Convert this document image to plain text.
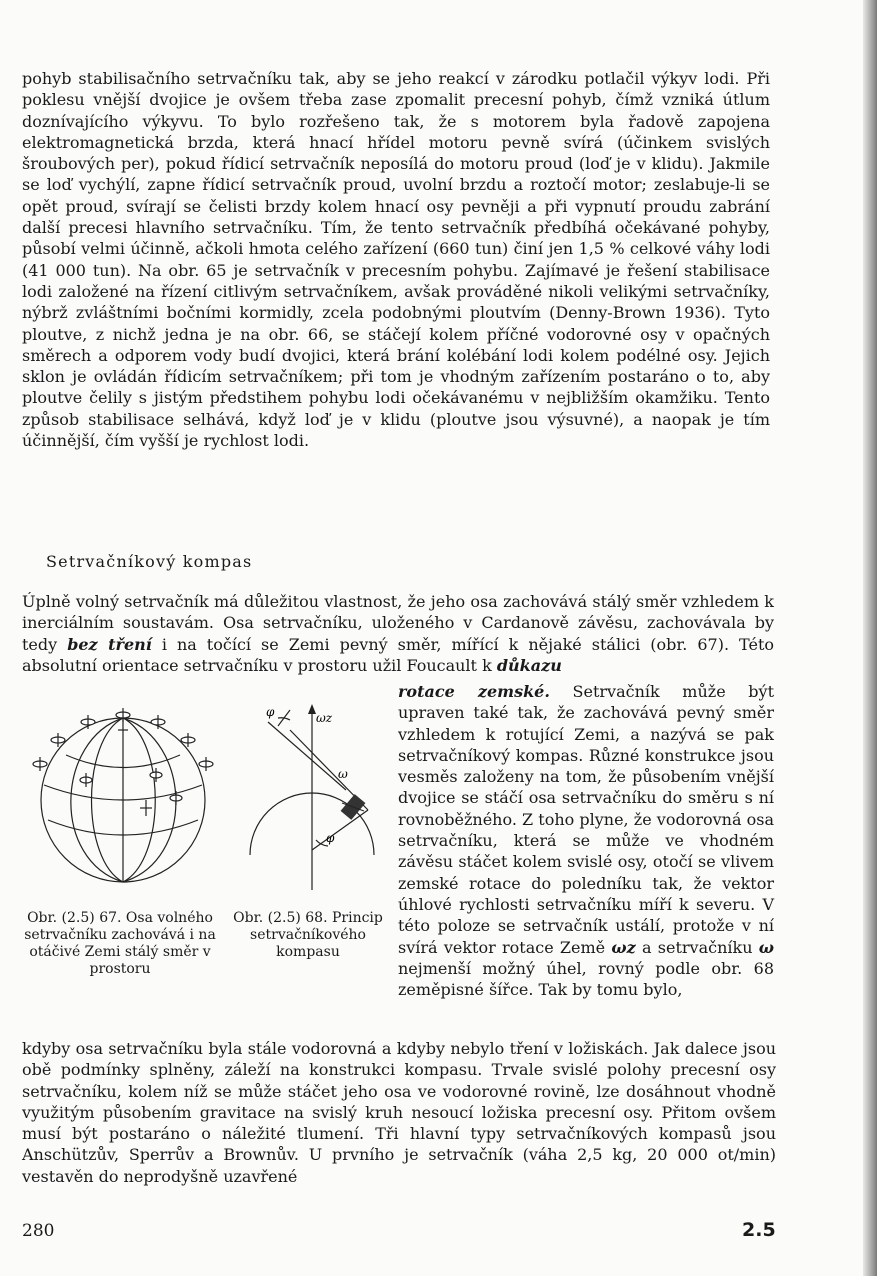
pohyb stabilisačního setrvačníku tak, aby se jeho reakcí v zárodku potlačil výkyv lodi. Při poklesu vnější dvojice je ovšem třeba zase zpomalit precesní pohyb, čímž vzniká útlum doznívajícího výkyvu. To bylo rozřešeno tak, že s motorem byla řadově zapojena elektromagnetická brzda, která hnací hřídel motoru pevně svírá (účinkem svislých šroubových per), pokud řídicí setrvačník neposílá do motoru proud (loď je v klidu). Jakmile se loď vychýlí, zapne řídicí setrvačník proud, uvolní brzdu a roztočí motor; zeslabuje-li se opět proud, svírají se čelisti brzdy kolem hnací osy pevněji a při vypnutí proudu zabrání další precesi hlavního setrvačníku. Tím, že tento setrvačník předbíhá očekávané pohyby, působí velmi účinně, ačkoli hmota celého zařízení (660 tun) činí jen 1,5 % celkové váhy lodi (41 000 tun). Na obr. 65 je setrvačník v precesním pohybu. Zajímavé je řešení stabilisace lodi založené na řízení citlivým setrvačníkem, avšak prováděné nikoli velikými setrvačníky, nýbrž zvláštními bočními kormidly, zcela podobnými ploutvím (Denny-Brown 1936). Tyto ploutve, z nichž jedna je na obr. 66, se stáčejí kolem příčné vodorovné osy v opačných směrech a odporem vody budí dvojici, která brání kolébání lodi kolem podélné osy. Jejich sklon je ovládán řídicím setrvačníkem; při tom je vhodným zařízením postaráno o to, aby ploutve čelily s jistým předstihem pohybu lodi očekávanému v nejbližším okamžiku. Tento způsob stabilisace selhává, když loď je v klidu (ploutve jsou výsuvné), a naopak je tím účinnější, čím vyšší je rychlost lodi.

Setrvačníkový kompas

Úplně volný setrvačník má důležitou vlastnost, že jeho osa zachovává stálý směr vzhledem k inerciálním soustavám. Osa setrvačníku, uloženého v Cardanově závěsu, zachovávala by tedy bez tření i na točící se Zemi pevný směr, mířící k nějaké stálici (obr. 67). Této absolutní orientace setrvačníku v prostoru užil Foucault k důkazu

rotace zemské. Setrvačník může být upraven také tak, že zachovává pevný směr vzhledem k rotující Zemi, a nazývá se pak setrvačníkový kompas. Různé konstrukce jsou vesměs založeny na tom, že působením vnější dvojice se stáčí osa setrvačníku do směru s ní rovnoběžného. Z toho plyne, že vodorovná osa setrvačníku, která se může ve vhodném závěsu stáčet kolem svislé osy, otočí se vlivem zemské rotace do poledníku tak, že vektor úhlové rychlosti setrvačníku míří k severu. V této poloze se setrvačník ustálí, protože v ní svírá vektor rotace Země ωz a setrvačníku ω nejmenší možný úhel, rovný podle obr. 68 zeměpisné šířce. Tak by tomu bylo,

kdyby osa setrvačníku byla stále vodorovná a kdyby nebylo tření v ložiskách. Jak dalece jsou obě podmínky splněny, záleží na konstrukci kompasu. Trvale svislé polohy precesní osy setrvačníku, kolem níž se může stáčet jeho osa ve vodorovné rovině, lze dosáhnout vhodně využitým působením gravitace na svislý kruh nesoucí ložiska precesní osy. Přitom ovšem musí být postaráno o náležité tlumení. Tři hlavní typy setrvačníkových kompasů jsou Anschützův, Sperrův a Brownův. U prvního je setrvačník (váha 2,5 kg, 20 000 ot/min) vestavěn do neprodyšně uzavřené

ωz
ω
φ
φ

Obr. (2.5) 67. Osa volného setrvačníku zachovává i na otáčivé Zemi stálý směr v prostoru

Obr. (2.5) 68. Princip setrvačníkového kompasu

280	2.5
